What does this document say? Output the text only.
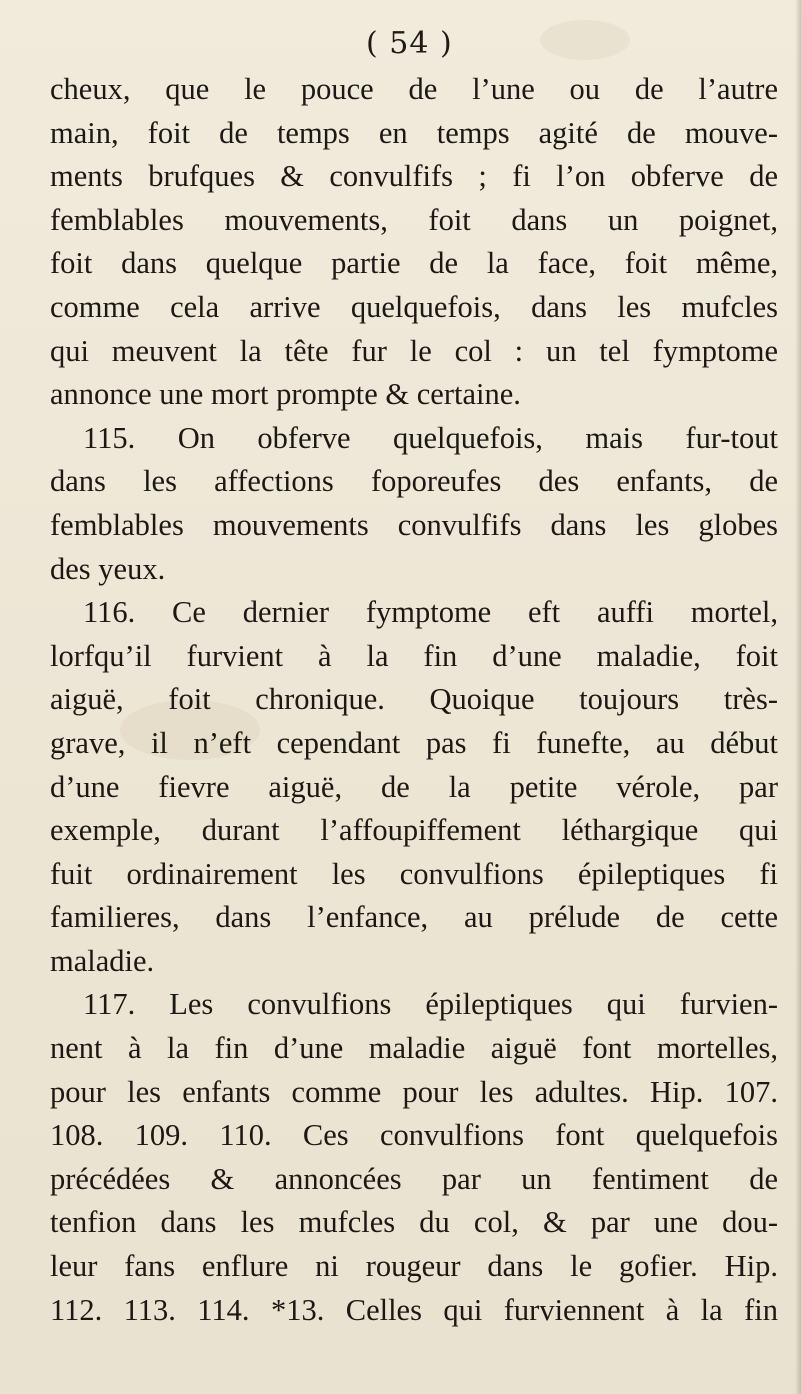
( 54 )
cheux, que le pouce de l’une ou de l’autre
main, foit de temps en temps agité de mouve-
ments brufques & convulfifs ; fi l’on obferve de
femblables mouvements, foit dans un poignet,
foit dans quelque partie de la face, foit même,
comme cela arrive quelquefois, dans les mufcles
qui meuvent la tête fur le col : un tel fymptome
annonce une mort prompte & certaine.
115. On obferve quelquefois, mais fur-tout
dans les affections foporeufes des enfants, de
femblables mouvements convulfifs dans les globes
des yeux.
116. Ce dernier fymptome eft auffi mortel,
lorfqu’il furvient à la fin d’une maladie, foit
aiguë, foit chronique. Quoique toujours très-
grave, il n’eft cependant pas fi funefte, au début
d’une fievre aiguë, de la petite vérole, par
exemple, durant l’affoupiffement léthargique qui
fuit ordinairement les convulfions épileptiques fi
familieres, dans l’enfance, au prélude de cette
maladie.
117. Les convulfions épileptiques qui furvien-
nent à la fin d’une maladie aiguë font mortelles,
pour les enfants comme pour les adultes. Hip. 107.
108. 109. 110. Ces convulfions font quelquefois
précédées & annoncées par un fentiment de
tenfion dans les mufcles du col, & par une dou-
leur fans enflure ni rougeur dans le gofier. Hip.
112. 113. 114. *13. Celles qui furviennent à la fin
